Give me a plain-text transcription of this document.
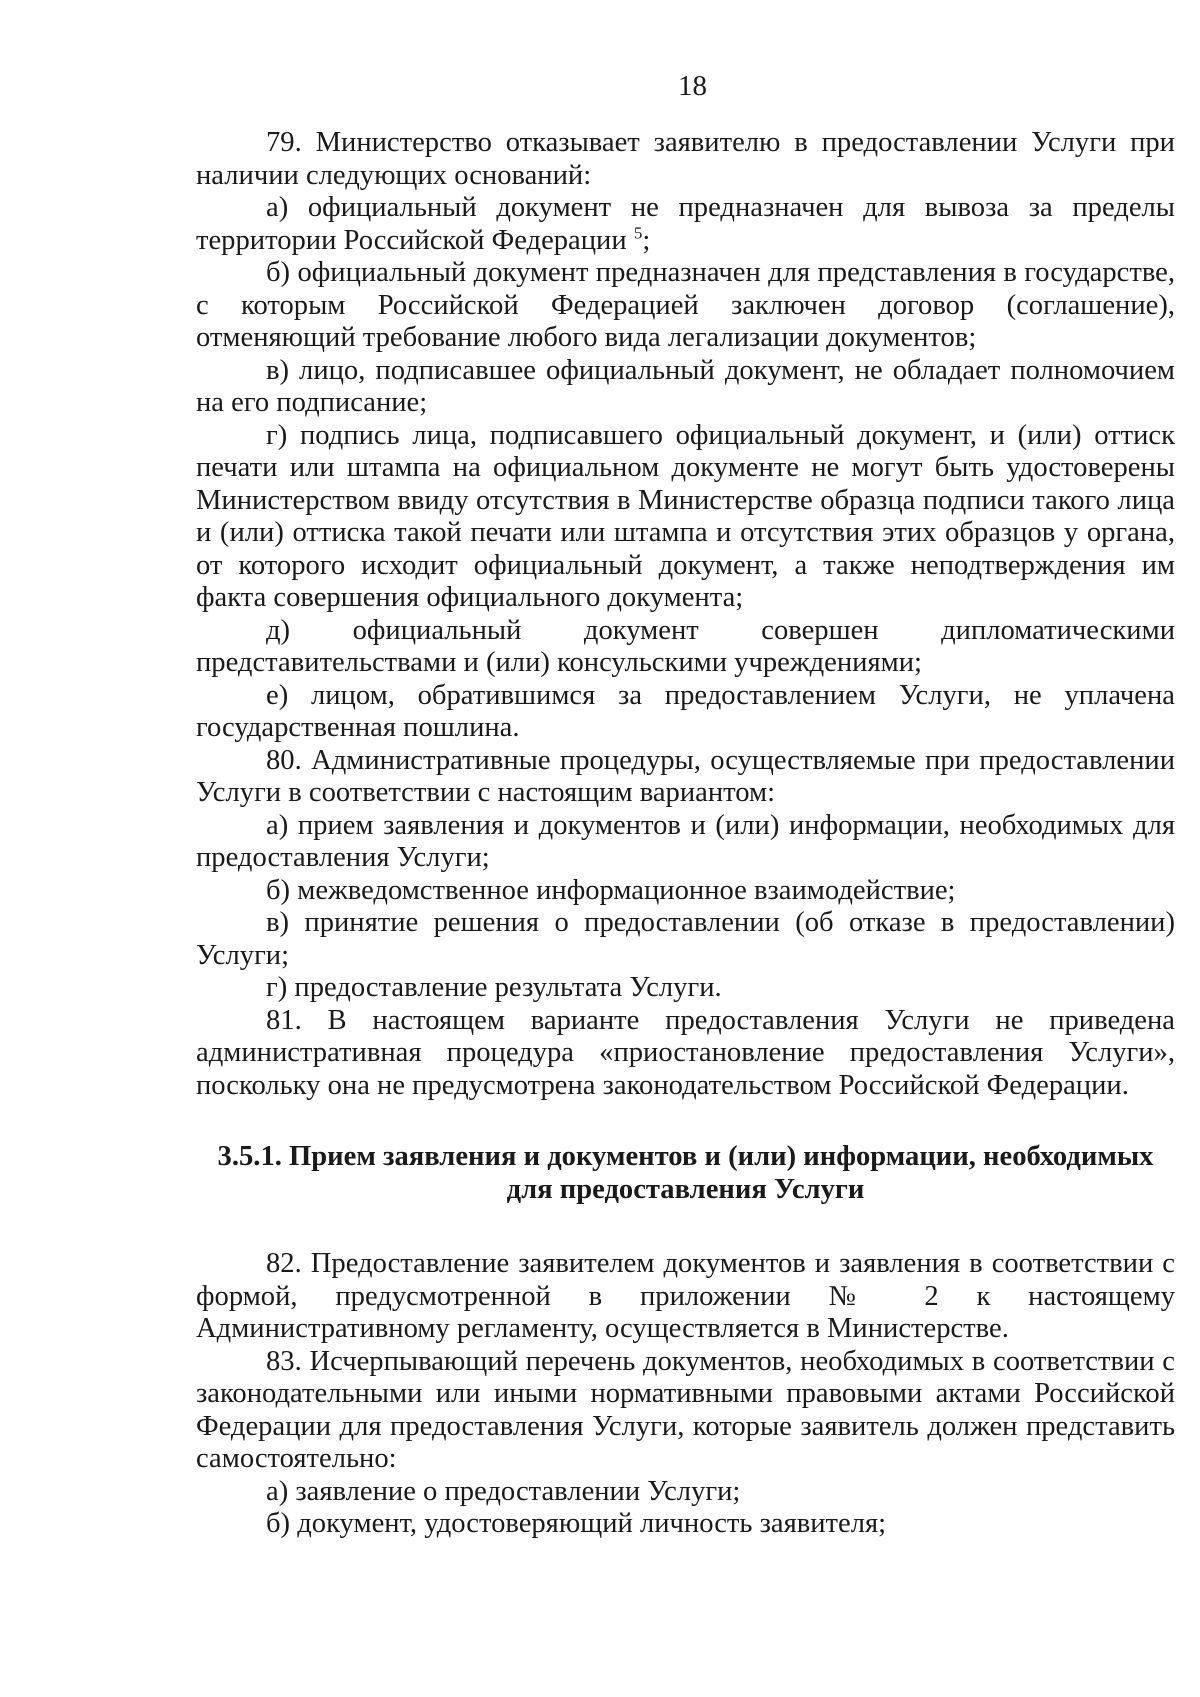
18

79. Министерство отказывает заявителю в предоставлении Услуги при наличии следующих оснований:

а) официальный документ не предназначен для вывоза за пределы территории Российской Федерации $^5$;

б) официальный документ предназначен для представления в государстве, с которым Российской Федерацией заключен договор (соглашение), отменяющий требование любого вида легализации документов;

в) лицо, подписавшее официальный документ, не обладает полномочием на его подписание;

г) подпись лица, подписавшего официальный документ, и (или) оттиск печати или штампа на официальном документе не могут быть удостоверены Министерством ввиду отсутствия в Министерстве образца подписи такого лица и (или) оттиска такой печати или штампа и отсутствия этих образцов у органа, от которого исходит официальный документ, а также неподтверждения им факта совершения официального документа;

д) официальный документ совершен дипломатическими представительствами и (или) консульскими учреждениями;

е) лицом, обратившимся за предоставлением Услуги, не уплачена государственная пошлина.

80. Административные процедуры, осуществляемые при предоставлении Услуги в соответствии с настоящим вариантом:

а) прием заявления и документов и (или) информации, необходимых для предоставления Услуги;

б) межведомственное информационное взаимодействие;

в) принятие решения о предоставлении (об отказе в предоставлении) Услуги;

г) предоставление результата Услуги.

81. В настоящем варианте предоставления Услуги не приведена административная процедура «приостановление предоставления Услуги», поскольку она не предусмотрена законодательством Российской Федерации.

3.5.1. Прием заявления и документов и (или) информации, необходимых
для предоставления Услуги

82. Предоставление заявителем документов и заявления в соответствии с формой, предусмотренной в приложении № 2 к настоящему Административному регламенту, осуществляется в Министерстве.

83. Исчерпывающий перечень документов, необходимых в соответствии с законодательными или иными нормативными правовыми актами Российской Федерации для предоставления Услуги, которые заявитель должен представить самостоятельно:

а) заявление о предоставлении Услуги;

б) документ, удостоверяющий личность заявителя;
